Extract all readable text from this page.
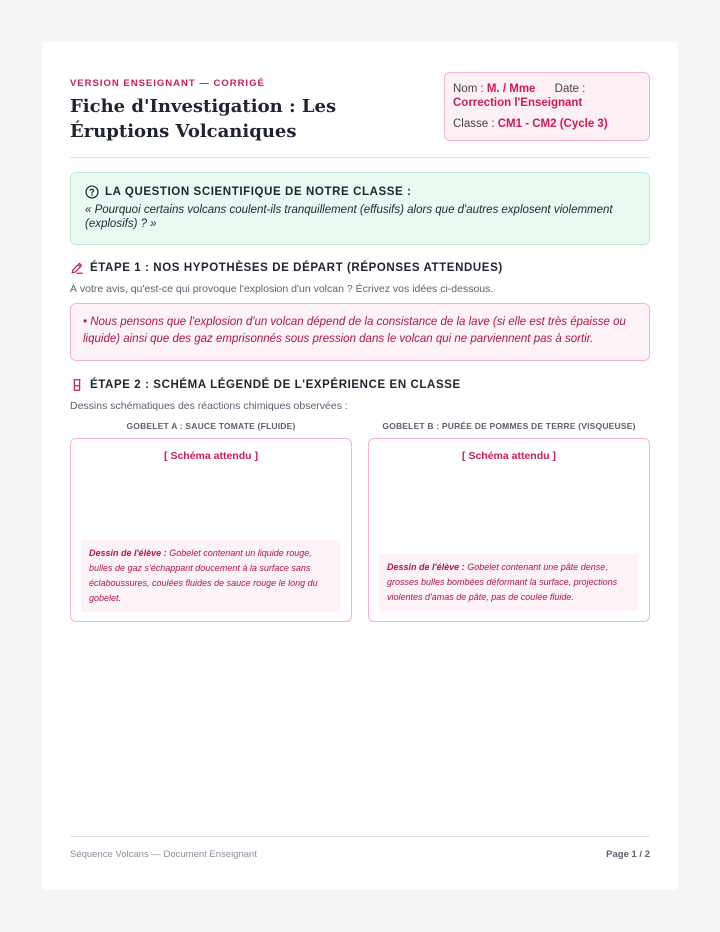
VERSION ENSEIGNANT — CORRIGÉ
Fiche d'Investigation : Les Éruptions Volcaniques
Nom : M. / Mme Date : Correction l'Enseignant
Classe : CM1 - CM2 (Cycle 3)
LA QUESTION SCIENTIFIQUE DE NOTRE CLASSE :
« Pourquoi certains volcans coulent-ils tranquillement (effusifs) alors que d'autres explosent violemment (explosifs) ? »
ÉTAPE 1 : NOS HYPOTHÈSES DE DÉPART (RÉPONSES ATTENDUES)
À votre avis, qu'est-ce qui provoque l'explosion d'un volcan ? Écrivez vos idées ci-dessous.
• Nous pensons que l'explosion d'un volcan dépend de la consistance de la lave (si elle est très épaisse ou liquide) ainsi que des gaz emprisonnés sous pression dans le volcan qui ne parviennent pas à sortir.
ÉTAPE 2 : SCHÉMA LÉGENDÉ DE L'EXPÉRIENCE EN CLASSE
Dessins schématiques des réactions chimiques observées :
GOBELET A : SAUCE TOMATE (FLUIDE)	GOBELET B : PURÉE DE POMMES DE TERRE (VISQUEUSE)
[ Schéma attendu ]
Dessin de l'élève : Gobelet contenant un liquide rouge, bulles de gaz s'échappant doucement à la surface sans éclaboussures, coulées fluides de sauce rouge le long du gobelet.
[ Schéma attendu ]
Dessin de l'élève : Gobelet contenant une pâte dense, grosses bulles bombées déformant la surface, projections violentes d'amas de pâte, pas de coulée fluide.
Séquence Volcans — Document Enseignant	Page 1 / 2
